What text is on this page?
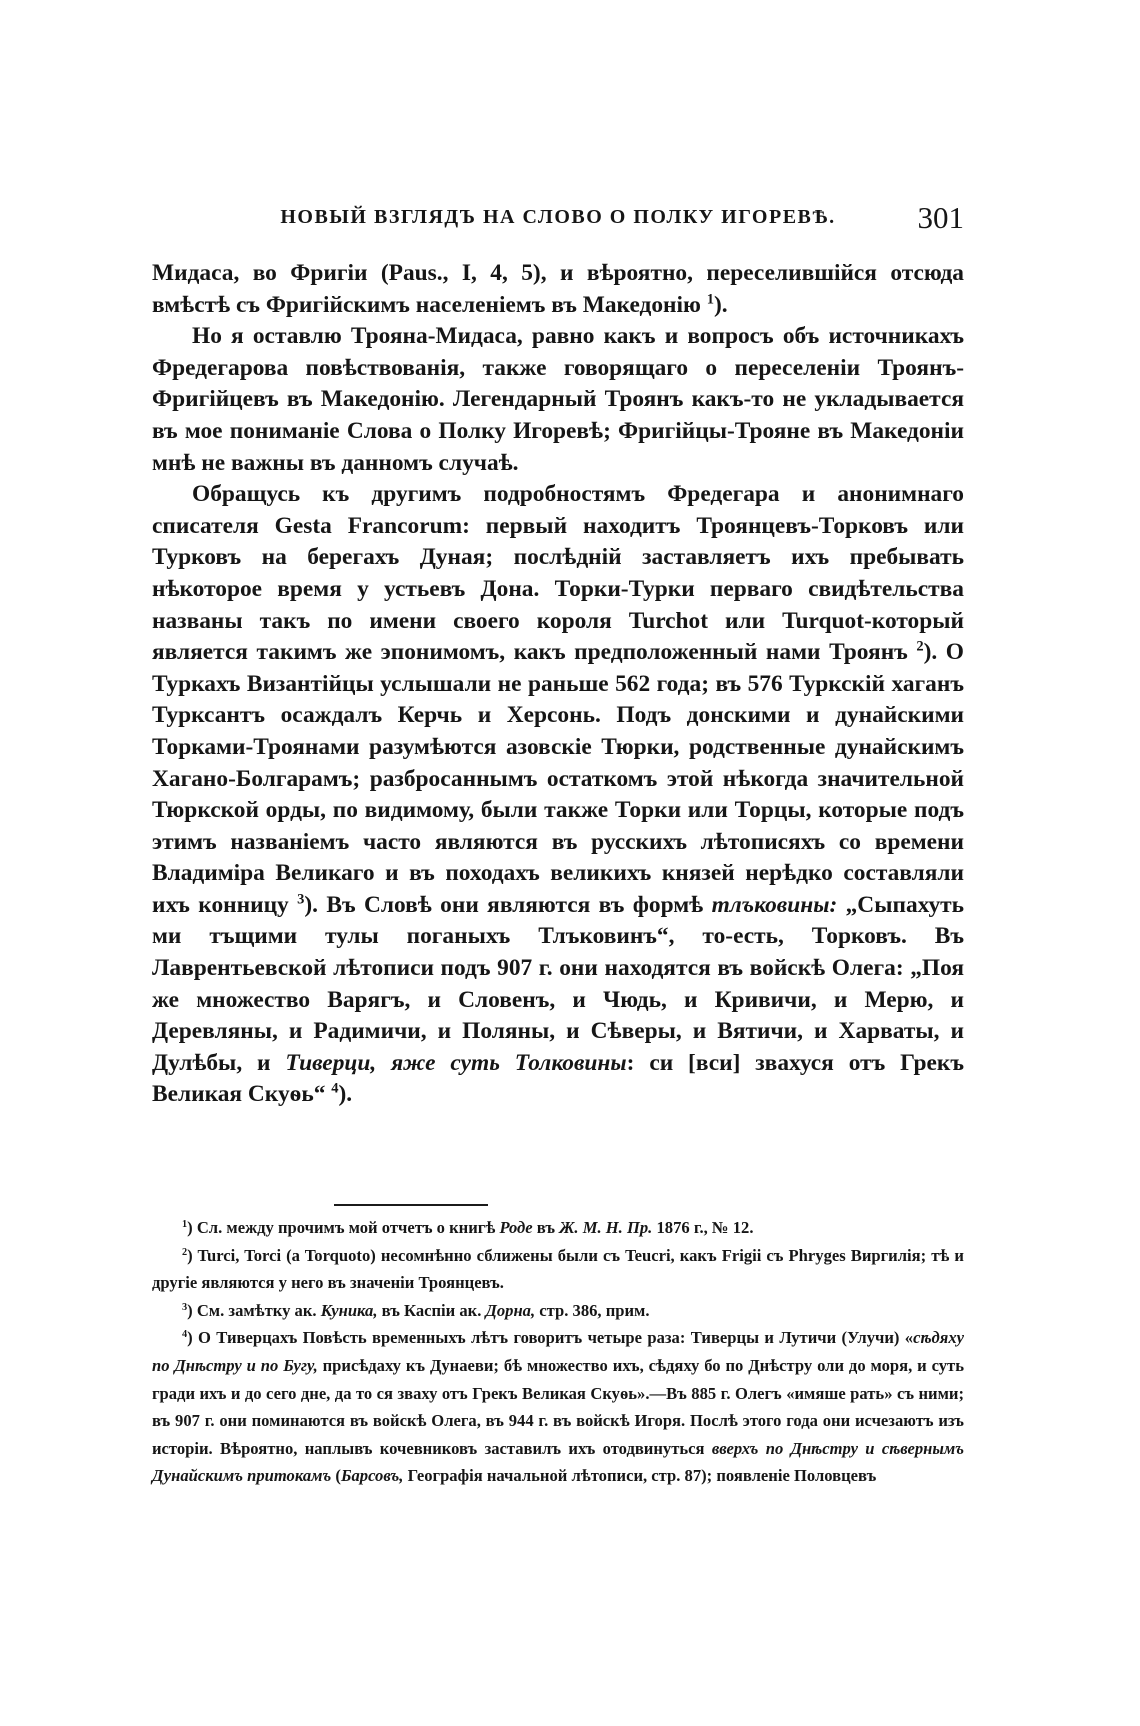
НОВЫЙ ВЗГЛЯДЪ НА СЛОВО О ПОЛКУ ИГОРЕВѢ.	301

Мидаса, во Фригіи (Paus., I, 4, 5), и вѣроятно, переселившійся отсюда вмѣстѣ съ Фригійскимъ населеніемъ въ Македонію $^1$).

Но я оставлю Трояна-Мидаса, равно какъ и вопросъ объ источникахъ Фредегарова повѣствованія, также говорящаго о переселеніи Троянъ-Фригійцевъ въ Македонію. Легендарный Троянъ какъ-то не укладывается въ мое пониманіе Слова о Полку Игоревѣ; Фригійцы-Трояне въ Македоніи мнѣ не важны въ данномъ случаѣ.

Обращусь къ другимъ подробностямъ Фредегара и анонимнаго списателя Gesta Francorum: первый находитъ Троянцевъ-Торковъ или Турковъ на берегахъ Дуная; послѣдній заставляетъ ихъ пребывать нѣкоторое время у устьевъ Дона. Торки-Турки перваго свидѣтельства названы такъ по имени своего короля Turchot или Turquot-который является такимъ же эпонимомъ, какъ предположенный нами Троянъ $^2$). О Туркахъ Византійцы услышали не раньше 562 года; въ 576 Туркскій хаганъ Турксантъ осаждалъ Керчь и Херсонь. Подъ донскими и дунайскими Торками-Троянами разумѣются азовскіе Тюрки, родственные дунайскимъ Хагано-Болгарамъ; разбросаннымъ остаткомъ этой нѣкогда значительной Тюркской орды, по видимому, были также Торки или Торцы, которые подъ этимъ названіемъ часто являются въ русскихъ лѣтописяхъ со времени Владиміра Великаго и въ походахъ великихъ князей нерѣдко составляли ихъ конницу $^3$). Въ Словѣ они являются въ формѣ тлъковины: „Сыпахуть ми тъщими тулы поганыхъ Тлъковинъ“, то-есть, Торковъ. Въ Лаврентьевской лѣтописи подъ 907 г. они находятся въ войскѣ Олега: „Поя же множество Варягъ, и Словенъ, и Чюдь, и Кривичи, и Мерю, и Деревляны, и Радимичи, и Поляны, и Сѣверы, и Вятичи, и Харваты, и Дулѣбы, и Тиверци, яже суть Толковины: си [вси] звахуся отъ Грекъ Великая Скуѳь“ $^4$).

$^1$) Сл. между прочимъ мой отчетъ о книгѣ Роде въ Ж. М. Н. Пр. 1876 г., № 12.

$^2$) Turci, Torci (a Torquoto) несомнѣнно сближены были съ Teucri, какъ Frigii съ Phryges Виргилія; тѣ и другіе являются у него въ значеніи Троянцевъ.

$^3$) См. замѣтку ак. Куника, въ Каспіи ак. Дорна, стр. 386, прим.

$^4$) О Тиверцахъ Повѣсть временныхъ лѣтъ говоритъ четыре раза: Тиверцы и Лутичи (Улучи) «сѣдяху по Днѣстру и по Бугу, присѣдаху къ Дунаеви; бѣ множество ихъ, сѣдяху бо по Днѣстру оли до моря, и суть гради ихъ и до сего дне, да то ся зваху отъ Грекъ Великая Скуѳь».—Въ 885 г. Олегъ «имяше рать» съ ними; въ 907 г. они поминаются въ войскѣ Олега, въ 944 г. въ войскѣ Игоря. Послѣ этого года они исчезаютъ изъ исторіи. Вѣроятно, наплывъ кочевниковъ заставилъ ихъ отодвинуться вверхъ по Днѣстру и сѣвернымъ Дунайскимъ притокамъ (Барсовъ, Географія начальной лѣтописи, стр. 87); появленіе Половцевъ
